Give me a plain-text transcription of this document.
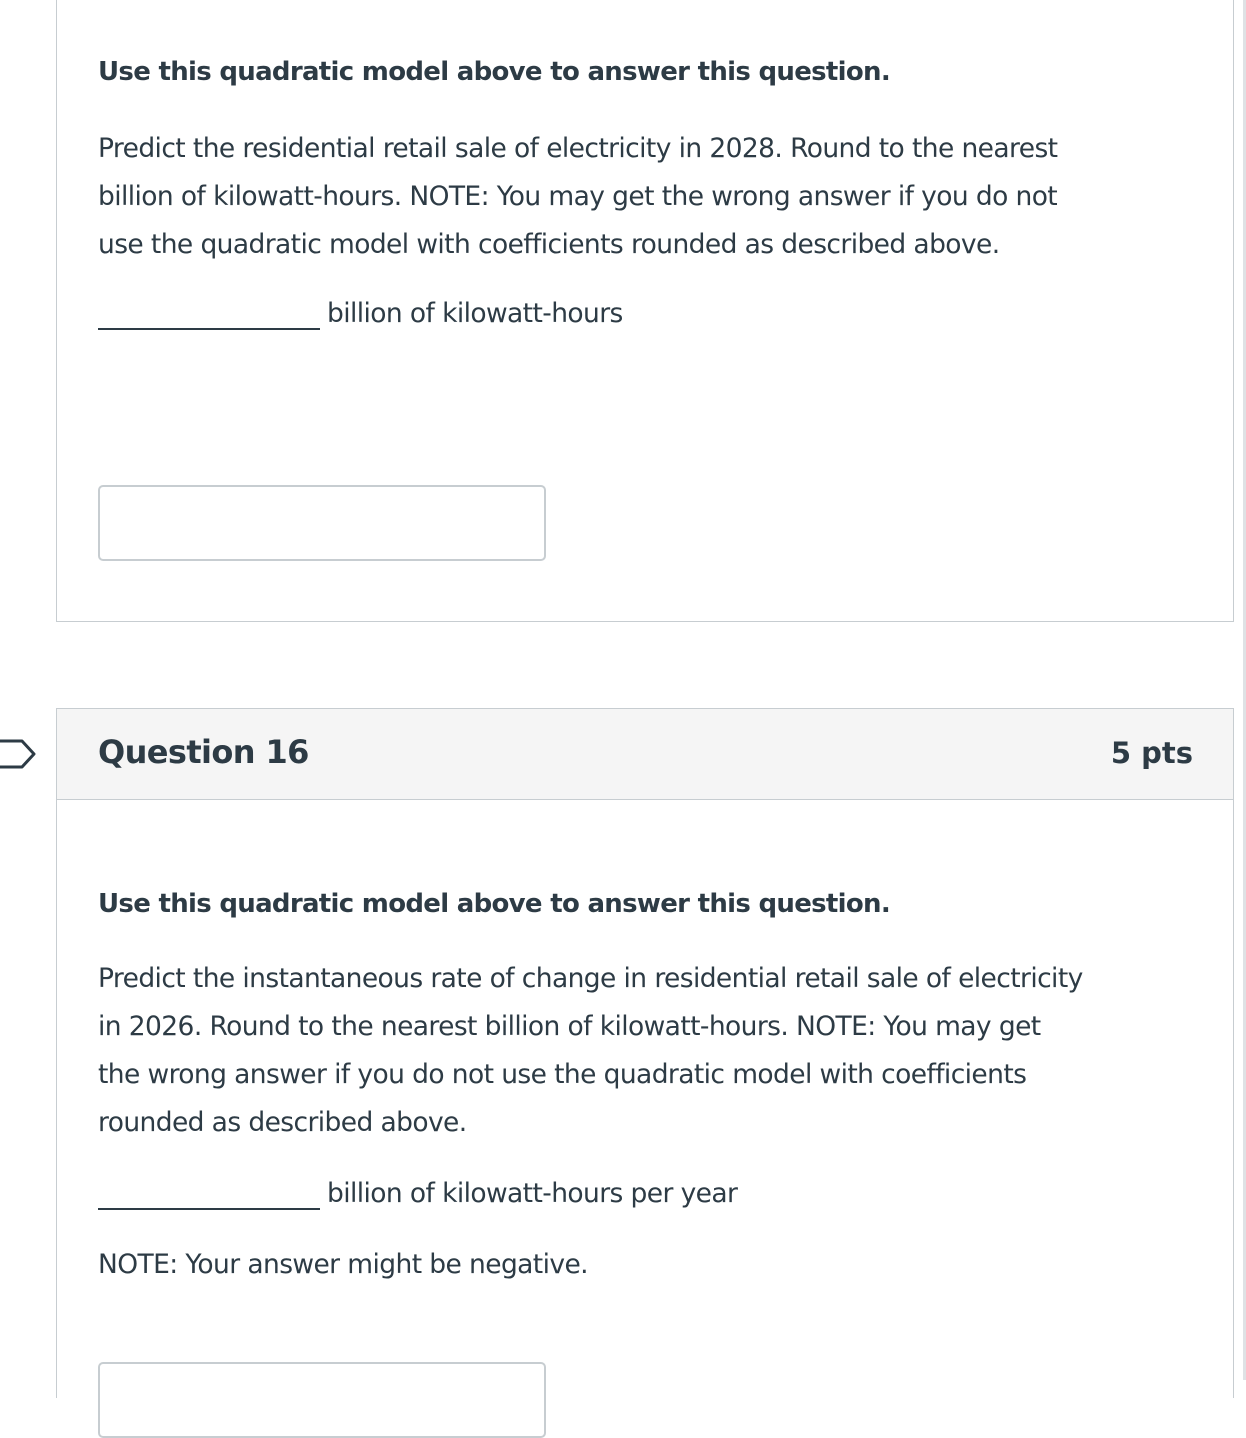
Use this quadratic model above to answer this question.
Predict the residential retail sale of electricity in 2028. Round to the nearest
billion of kilowatt-hours. NOTE: You may get the wrong answer if you do not
use the quadratic model with coefficients rounded as described above.
billion of kilowatt-hours
Question 16	5 pts
Use this quadratic model above to answer this question.
Predict the instantaneous rate of change in residential retail sale of electricity
in 2026. Round to the nearest billion of kilowatt-hours. NOTE: You may get
the wrong answer if you do not use the quadratic model with coefficients
rounded as described above.
billion of kilowatt-hours per year
NOTE: Your answer might be negative.
